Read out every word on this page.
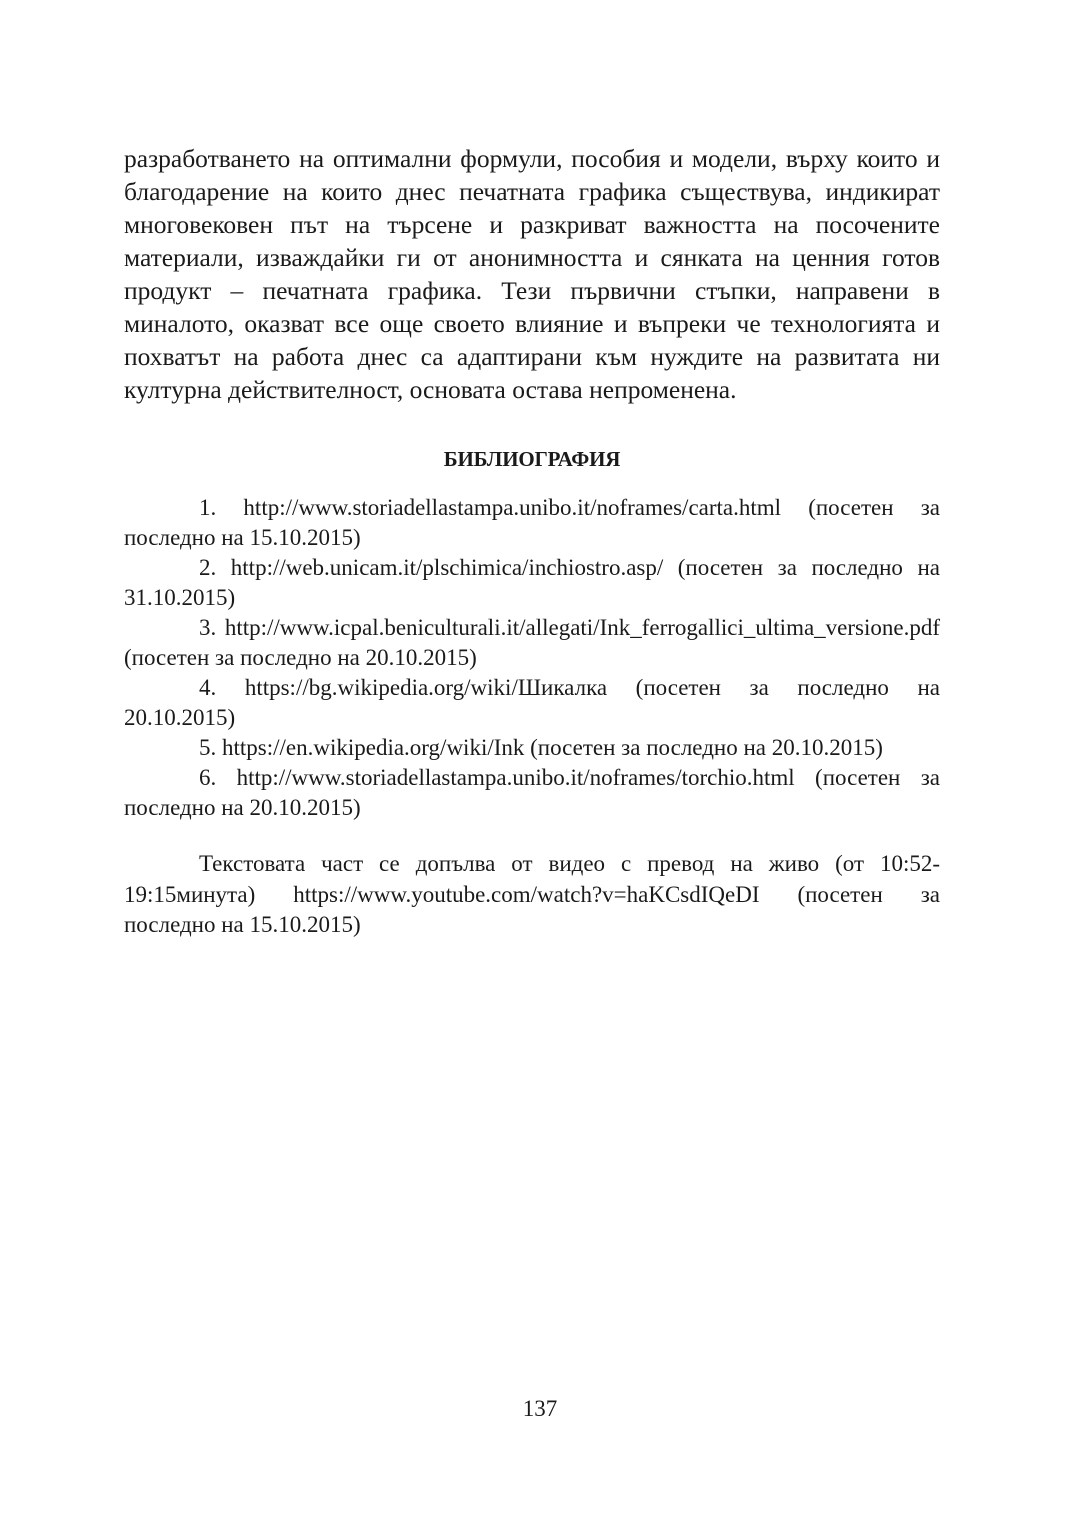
разработването на оптимални формули, пособия и модели, върху които и благодарение на които днес печатната графика съществува, индикират многовековен път на търсене и разкриват важността на посочените материали, изваждайки ги от анонимността и сянката на ценния готов продукт – печатната графика. Тези първични стъпки, направени в миналото, оказват все още своето влияние и въпреки че технологията и похватът на работа днес са адаптирани към нуждите на развитата ни културна действителност, основата остава непроменена.

БИБЛИОГРАФИЯ
1. http://www.storiadellastampa.unibo.it/noframes/carta.html (посетен за последно на 15.10.2015)
2. http://web.unicam.it/plschimica/inchiostro.asp/ (посетен за последно на 31.10.2015)
3. http://www.icpal.beniculturali.it/allegati/Ink_ferrogallici_ultima_versione.pdf (посетен за последно на 20.10.2015)
4. https://bg.wikipedia.org/wiki/Шикалка (посетен за последно на 20.10.2015)
5. https://en.wikipedia.org/wiki/Ink (посетен за последно на 20.10.2015)
6. http://www.storiadellastampa.unibo.it/noframes/torchio.html (посетен за последно на 20.10.2015)

Текстовата част се допълва от видео с превод на живо (от 10:52-19:15минута) https://www.youtube.com/watch?v=haKCsdIQeDI (посетен за последно на 15.10.2015)

137
